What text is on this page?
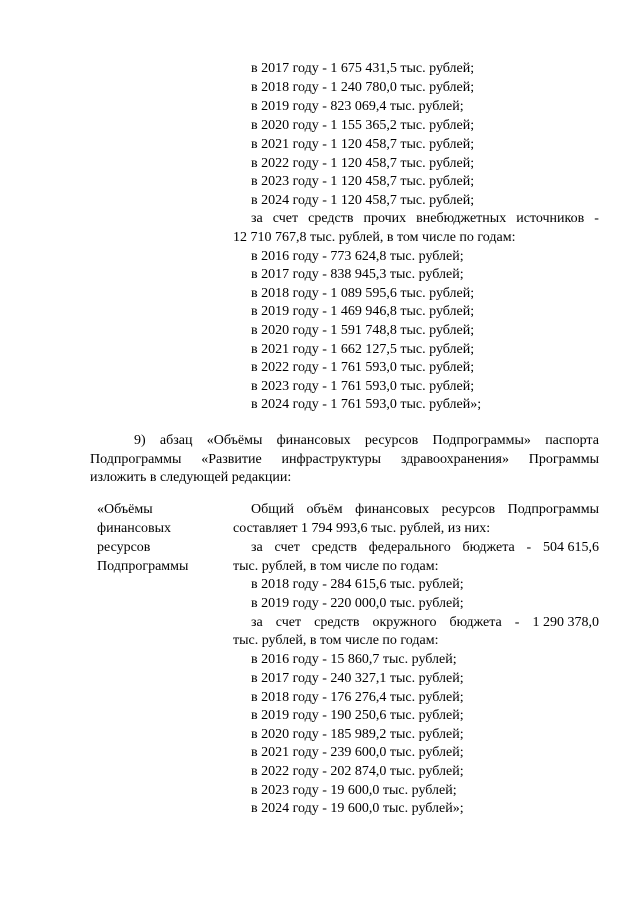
в 2017 году - 1 675 431,5 тыс. рублей;
в 2018 году - 1 240 780,0 тыс. рублей;
в 2019 году - 823 069,4 тыс. рублей;
в 2020 году - 1 155 365,2 тыс. рублей;
в 2021 году - 1 120 458,7 тыс. рублей;
в 2022 году - 1 120 458,7 тыс. рублей;
в 2023 году - 1 120 458,7 тыс. рублей;
в 2024 году - 1 120 458,7 тыс. рублей;
за счет средств прочих внебюджетных источников -
12 710 767,8 тыс. рублей, в том числе по годам:
в 2016 году - 773 624,8 тыс. рублей;
в 2017 году - 838 945,3 тыс. рублей;
в 2018 году - 1 089 595,6 тыс. рублей;
в 2019 году - 1 469 946,8 тыс. рублей;
в 2020 году - 1 591 748,8 тыс. рублей;
в 2021 году - 1 662 127,5 тыс. рублей;
в 2022 году - 1 761 593,0 тыс. рублей;
в 2023 году - 1 761 593,0 тыс. рублей;
в 2024 году - 1 761 593,0 тыс. рублей»;
9) абзац «Объёмы финансовых ресурсов Подпрограммы» паспорта
Подпрограммы «Развитие инфраструктуры здравоохранения» Программы
изложить в следующей редакции:
«Объёмы
финансовых
ресурсов
Подпрограммы
Общий объём финансовых ресурсов Подпрограммы
составляет 1 794 993,6 тыс. рублей, из них:
за счет средств федерального бюджета - 504 615,6
тыс. рублей, в том числе по годам:
в 2018 году - 284 615,6 тыс. рублей;
в 2019 году - 220 000,0 тыс. рублей;
за счет средств окружного бюджета - 1 290 378,0
тыс. рублей, в том числе по годам:
в 2016 году - 15 860,7 тыс. рублей;
в 2017 году - 240 327,1 тыс. рублей;
в 2018 году - 176 276,4 тыс. рублей;
в 2019 году - 190 250,6 тыс. рублей;
в 2020 году - 185 989,2 тыс. рублей;
в 2021 году - 239 600,0 тыс. рублей;
в 2022 году - 202 874,0 тыс. рублей;
в 2023 году - 19 600,0 тыс. рублей;
в 2024 году - 19 600,0 тыс. рублей»;
